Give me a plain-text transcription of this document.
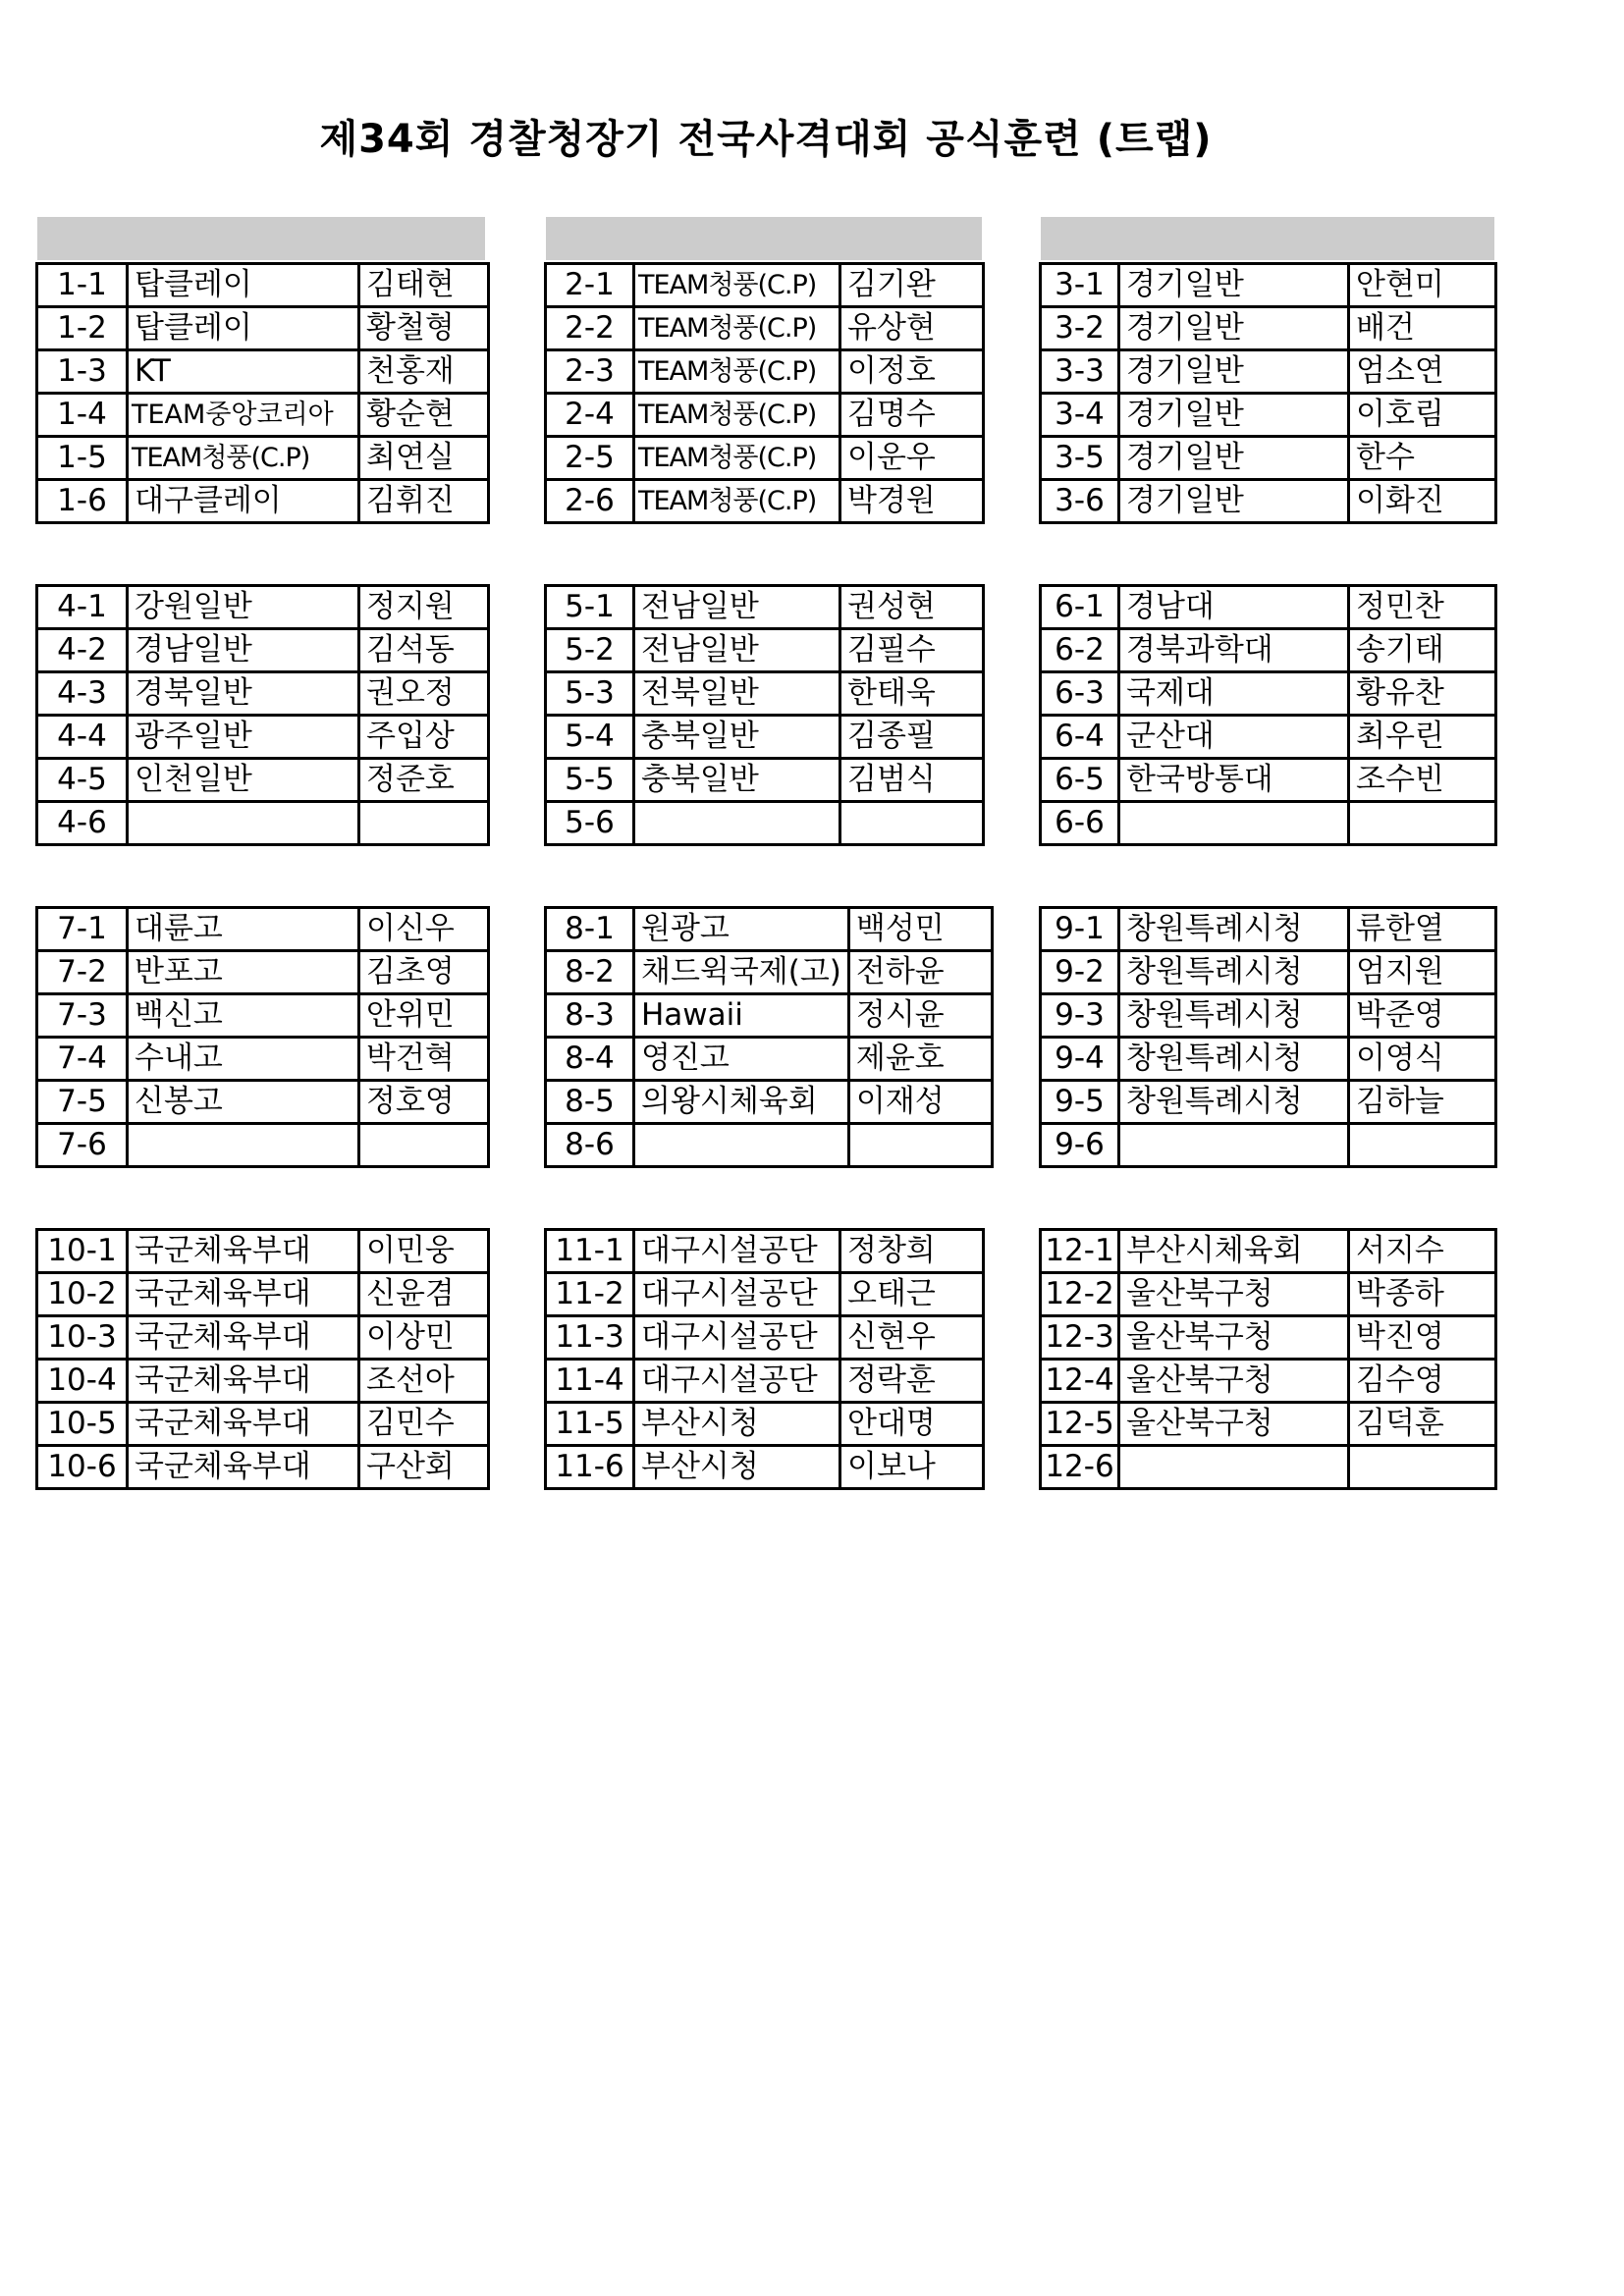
제34회 경찰청장기 전국사격대회 공식훈련 (트랩)
1-1	탑클레이	김태현
1-2	탑클레이	황철형
1-3	KT	천홍재
1-4	TEAM중앙코리아	황순현
1-5	TEAM청풍(C.P)	최연실
1-6	대구클레이	김휘진
2-1	TEAM청풍(C.P)	김기완
2-2	TEAM청풍(C.P)	유상현
2-3	TEAM청풍(C.P)	이정호
2-4	TEAM청풍(C.P)	김명수
2-5	TEAM청풍(C.P)	이운우
2-6	TEAM청풍(C.P)	박경원
3-1	경기일반	안현미
3-2	경기일반	배건
3-3	경기일반	엄소연
3-4	경기일반	이호림
3-5	경기일반	한수
3-6	경기일반	이화진
4-1	강원일반	정지원
4-2	경남일반	김석동
4-3	경북일반	권오정
4-4	광주일반	주입상
4-5	인천일반	정준호
4-6		
5-1	전남일반	권성현
5-2	전남일반	김필수
5-3	전북일반	한태욱
5-4	충북일반	김종필
5-5	충북일반	김범식
5-6		
6-1	경남대	정민찬
6-2	경북과학대	송기태
6-3	국제대	황유찬
6-4	군산대	최우린
6-5	한국방통대	조수빈
6-6		
7-1	대륜고	이신우
7-2	반포고	김초영
7-3	백신고	안위민
7-4	수내고	박건혁
7-5	신봉고	정호영
7-6		
8-1	원광고	백성민
8-2	채드윅국제(고)	전하윤
8-3	Hawaii	정시윤
8-4	영진고	제윤호
8-5	의왕시체육회	이재성
8-6		
9-1	창원특례시청	류한열
9-2	창원특례시청	엄지원
9-3	창원특례시청	박준영
9-4	창원특례시청	이영식
9-5	창원특례시청	김하늘
9-6		
10-1	국군체육부대	이민웅
10-2	국군체육부대	신윤겸
10-3	국군체육부대	이상민
10-4	국군체육부대	조선아
10-5	국군체육부대	김민수
10-6	국군체육부대	구산회
11-1	대구시설공단	정창희
11-2	대구시설공단	오태근
11-3	대구시설공단	신현우
11-4	대구시설공단	정락훈
11-5	부산시청	안대명
11-6	부산시청	이보나
12-1	부산시체육회	서지수
12-2	울산북구청	박종하
12-3	울산북구청	박진영
12-4	울산북구청	김수영
12-5	울산북구청	김덕훈
12-6		
